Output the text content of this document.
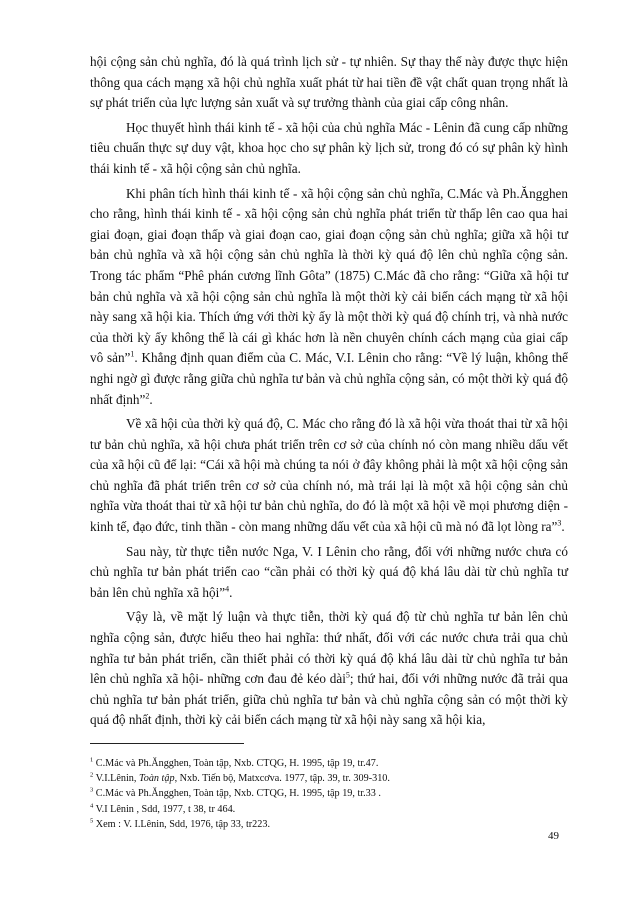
hội cộng sản chủ nghĩa, đó là quá trình lịch sử - tự nhiên. Sự thay thế này được thực hiện thông qua cách mạng xã hội chủ nghĩa xuất phát từ hai tiền đề vật chất quan trọng nhất là sự phát triển của lực lượng sản xuất và sự trưởng thành của giai cấp công nhân.

Học thuyết hình thái kinh tế - xã hội của chủ nghĩa Mác - Lênin đã cung cấp những tiêu chuẩn thực sự duy vật, khoa học cho sự phân kỳ lịch sử, trong đó có sự phân kỳ hình thái kinh tế - xã hội cộng sản chủ nghĩa.

Khi phân tích hình thái kinh tế - xã hội cộng sản chủ nghĩa, C.Mác và Ph.Ăngghen cho rằng, hình thái kinh tế - xã hội cộng sản chủ nghĩa phát triển từ thấp lên cao qua hai giai đoạn, giai đoạn thấp và giai đoạn cao, giai đoạn cộng sản chủ nghĩa; giữa xã hội tư bản chủ nghĩa và xã hội cộng sản chủ nghĩa là thời kỳ quá độ lên chủ nghĩa cộng sản. Trong tác phẩm “Phê phán cương lĩnh Gôta” (1875) C.Mác đã cho rằng: “Giữa xã hội tư bản chủ nghĩa và xã hội cộng sản chủ nghĩa là một thời kỳ cải biến cách mạng từ xã hội này sang xã hội kia. Thích ứng với thời kỳ ấy là một thời kỳ quá độ chính trị, và nhà nước của thời kỳ ấy không thể là cái gì khác hơn là nền chuyên chính cách mạng của giai cấp vô sản”$^1$. Khẳng định quan điểm của C. Mác, V.I. Lênin cho rằng: “Về lý luận, không thể nghi ngờ gì được rằng giữa chủ nghĩa tư bản và chủ nghĩa cộng sản, có một thời kỳ quá độ nhất định”$^2$.

Về xã hội của thời kỳ quá độ, C. Mác cho rằng đó là xã hội vừa thoát thai từ xã hội tư bản chủ nghĩa, xã hội chưa phát triển trên cơ sở của chính nó còn mang nhiều dấu vết của xã hội cũ để lại: “Cái xã hội mà chúng ta nói ở đây không phải là một xã hội cộng sản chủ nghĩa đã phát triển trên cơ sở của chính nó, mà trái lại là một xã hội cộng sản chủ nghĩa vừa thoát thai từ xã hội tư bản chủ nghĩa, do đó là một xã hội về mọi phương diện - kinh tế, đạo đức, tinh thần - còn mang những dấu vết của xã hội cũ mà nó đã lọt lòng ra”$^3$.

Sau này, từ thực tiễn nước Nga, V. I Lênin cho rằng, đối với những nước chưa có chủ nghĩa tư bản phát triển cao “cần phải có thời kỳ quá độ khá lâu dài từ chủ nghĩa tư bản lên chủ nghĩa xã hội”$^4$.

Vậy là, về mặt lý luận và thực tiễn, thời kỳ quá độ từ chủ nghĩa tư bản lên chủ nghĩa cộng sản, được hiểu theo hai nghĩa: thứ nhất, đối với các nước chưa trải qua chủ nghĩa tư bản phát triển, cần thiết phải có thời kỳ quá độ khá lâu dài từ chủ nghĩa tư bản lên chủ nghĩa xã hội- những cơn đau đẻ kéo dài$^5$; thứ hai, đối với những nước đã trải qua chủ nghĩa tư bản phát triển, giữa chủ nghĩa tư bản và chủ nghĩa cộng sản có một thời kỳ quá độ nhất định, thời kỳ cải biến cách mạng từ xã hội này sang xã hội kia,

$^1$ C.Mác và Ph.Ăngghen, Toàn tập, Nxb. CTQG, H. 1995, tập 19, tr.47.
$^2$ V.I.Lênin, Toàn tập, Nxb. Tiến bộ, Matxcơva. 1977, tập. 39, tr. 309-310.
$^3$ C.Mác và Ph.Ăngghen, Toàn tập, Nxb. CTQG, H. 1995, tập 19, tr.33 .
$^4$ V.I Lênin , Sdd, 1977, t 38, tr 464.
$^5$ Xem : V. I.Lênin, Sdd, 1976, tập 33, tr223.
49
